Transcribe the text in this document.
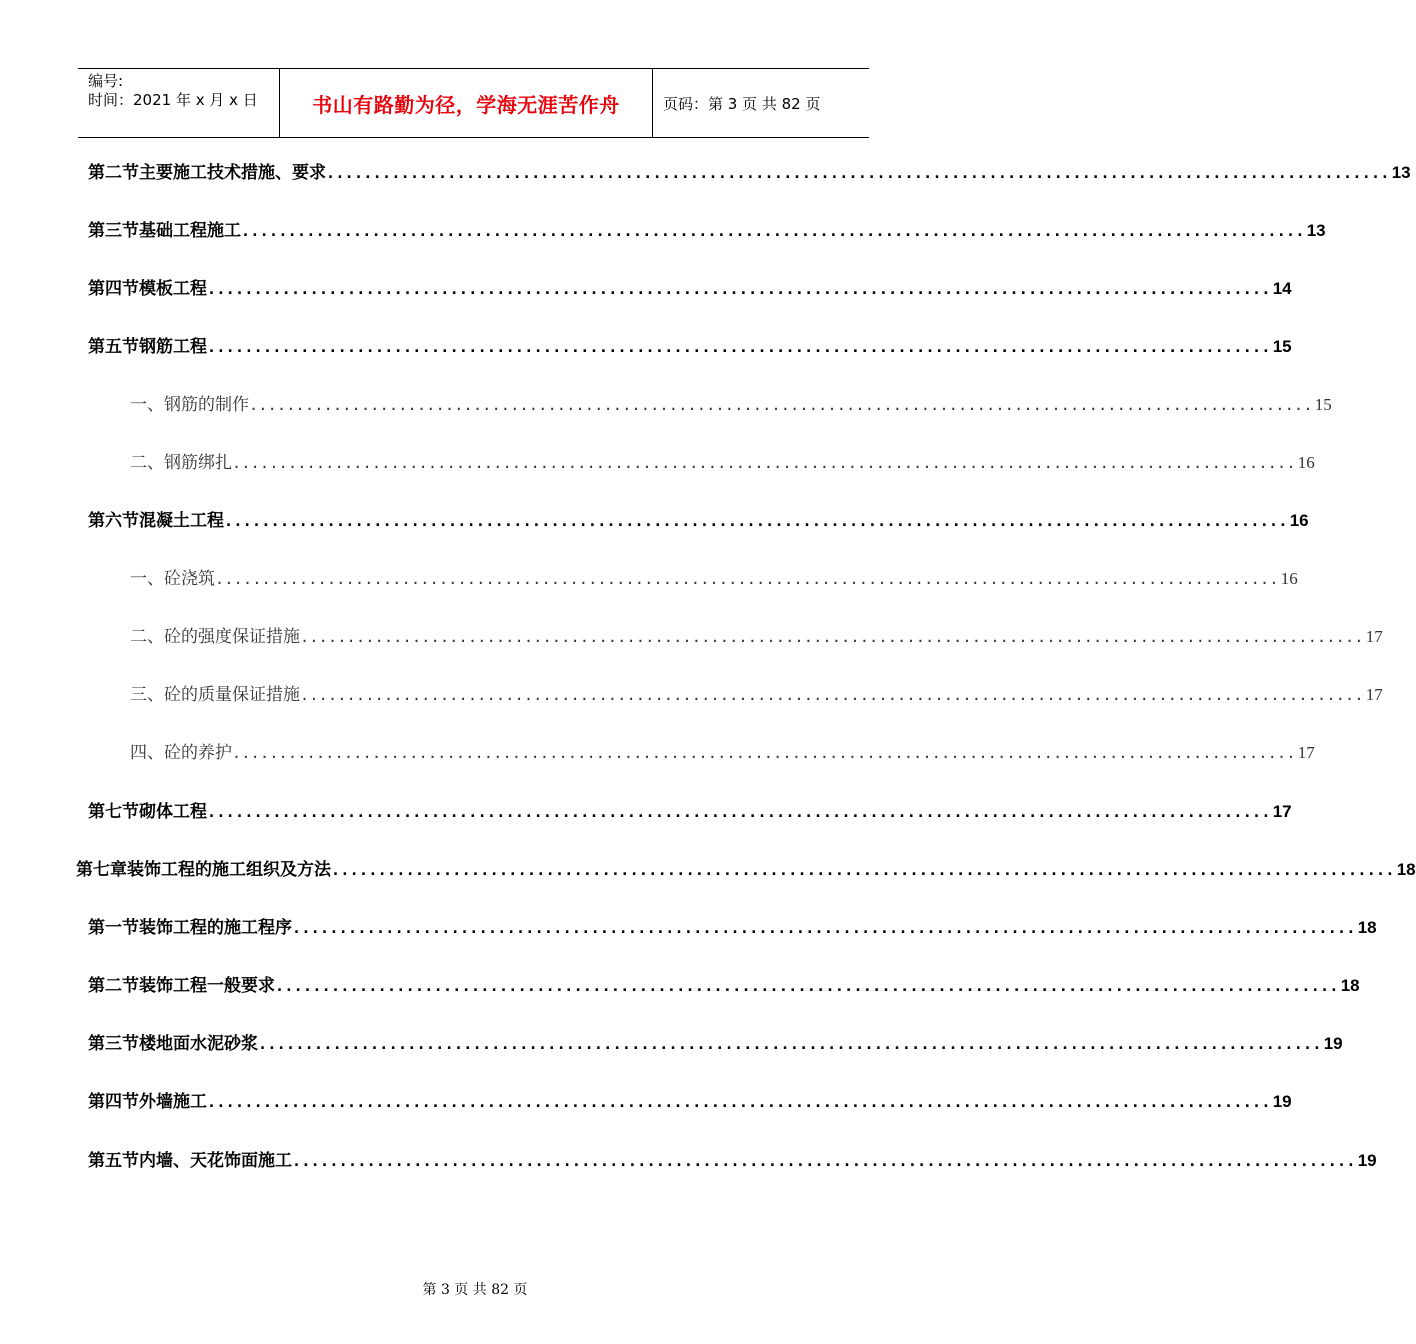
编号:
时间：2021 年 x 月 x 日	书山有路勤为径，学海无涯苦作舟	页码：第 3 页 共 82 页
第二节 主要施工技术措施、要求 .................................................................................................................. 13
第三节 基础工程施工 .................................................................................................................. 13
第四节 模板工程 .................................................................................................................. 14
第五节 钢筋工程 .................................................................................................................. 15
一、 钢筋的制作 .................................................................................................................. 15
二、 钢筋绑扎 .................................................................................................................. 16
第六节 混凝土工程 .................................................................................................................. 16
一、 砼浇筑 .................................................................................................................. 16
二、 砼的强度保证措施 .................................................................................................................. 17
三、 砼的质量保证措施 .................................................................................................................. 17
四、 砼的养护 .................................................................................................................. 17
第七节 砌体工程 .................................................................................................................. 17
第七章 装饰工程的施工组织及方法 .................................................................................................................. 18
第一节 装饰工程的施工程序 .................................................................................................................. 18
第二节 装饰工程一般要求 .................................................................................................................. 18
第三节 楼地面水泥砂浆 .................................................................................................................. 19
第四节 外墙施工 .................................................................................................................. 19
第五节 内墙、天花饰面施工 .................................................................................................................. 19
第 3 页 共 82 页
